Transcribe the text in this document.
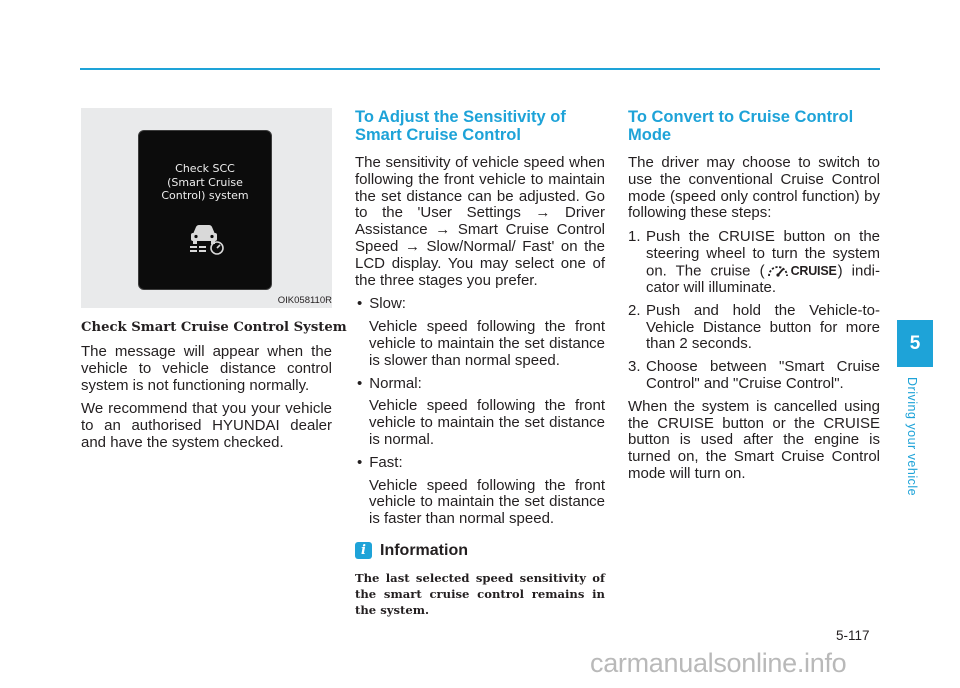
Check SCC
(Smart Cruise
Control) system
OIK058110R
Check Smart Cruise Control System

The message will appear when the vehicle to vehicle distance control system is not functioning normally.

We recommend that you your vehicle to an authorised HYUNDAI dealer and have the system checked.

To Adjust the Sensitivity of Smart Cruise Control

The sensitivity of vehicle speed when following the front vehicle to maintain the set distance can be adjusted. Go to the 'User Settings → Driver Assistance → Smart Cruise Control Speed → Slow/Normal/ Fast' on the LCD display. You may select one of the three stages you prefer.

• Slow:
Vehicle speed following the front vehicle to maintain the set distance is slower than normal speed.
• Normal:
Vehicle speed following the front vehicle to maintain the set distance is normal.
• Fast:
Vehicle speed following the front vehicle to maintain the set distance is faster than normal speed.
i Information
The last selected speed sensitivity of the smart cruise control remains in the system.
To Convert to Cruise Control Mode

The driver may choose to switch to use the conventional Cruise Control mode (speed only control function) by following these steps:

1. Push the CRUISE button on the steering wheel to turn the system on. The cruise ( CRUISE ) indi-cator will illuminate.
2. Push and hold the Vehicle-to-Vehicle Distance button for more than 2 seconds.
3. Choose between "Smart Cruise Control" and "Cruise Control".

When the system is cancelled using the CRUISE button or the CRUISE button is used after the engine is turned on, the Smart Cruise Control mode will turn on.

5
Driving your vehicle
5-117
carmanualsonline.info
